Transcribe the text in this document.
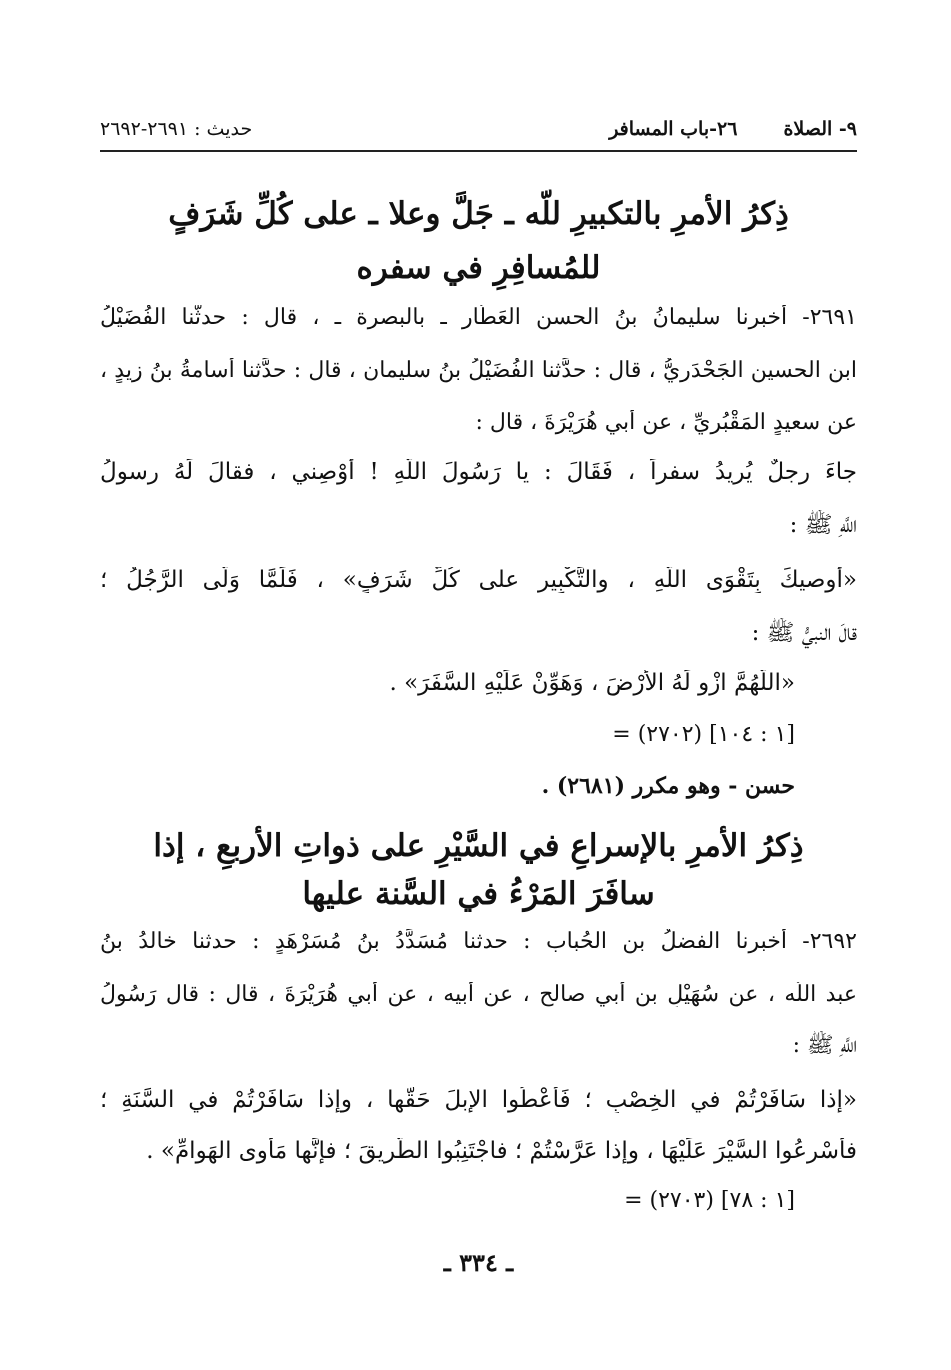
٩- الصلاة٢٦-باب المسافر
حديث : ٢٦٩١-٢٦٩٢
ذِكرُ الأمرِ بالتكبيرِ للّه ـ جَلَّ وعلا ـ على كُلِّ شَرَفٍ
للمُسافِرِ في سفره
٢٦٩١- أخبرنا سليمانُ بنُ الحسنِ العَطَّار ـ بالبصرة ـ ، قال : حدثَّنا الفُضَيْلُ
ابن الحسينِ الجَحْدَرِيُّ ، قال : حدَّثنا الفُضَيْلُ بنُ سليمان ، قال : حدَّثنا أُسامةُ بنُ زيدٍ ،
عن سعيدٍ المَقْبُرِيِّ ، عن أبي هُرَيْرَةَ ، قال :
جاءَ رجلٌ يُريدُ سفراً ، فَقَالَ : يا رَسُولَ اللَّهِ ! أَوْصِني ، فقالَ لَهُ رسولُ
اللَّهِ ﷺ :
«أُوصيكَ بِتَقْوَى اللَّهِ ، والتَّكْبِيرِ على كُلِّ شَرَفٍ» ، فَلَمَّا وَلَّى الرَّجُلُ ؛
قالَ النبيُّ ﷺ :
«اللَّهُمَّ ازْوِ لَهُ الأَرْضَ ، وَهَوِّنْ عَلَيْهِ السَّفَرَ» .
= (٢٧٠٢) [١ : ١٠٤]
حسن - وهو مكرر (٢٦٨١) .
ذِكرُ الأمرِ بالإسراعِ في السَّيْرِ على ذواتِ الأربعِ ، إذا
سافَرَ المَرْءُ في السَّنة عليها
٢٦٩٢- أخبرنا الفضلُ بن الحُباب : حدثنا مُسَدَّدُ بنُ مُسَرْهَدٍ : حدثنا خالدُ بنُ
عبد اللَّه ، عن سُهَيْلِ بنِ أبي صالحٍ ، عن أبيه ، عن أبي هُرَيْرَةَ ، قال : قال رَسُولُ
اللَّهِ ﷺ :
«إذا سَافَرْتُمْ في الخِصْبِ ؛ فَأَعْطُوا الإبلَ حَقَّها ، وإذا سَافَرْتُمْ في السَّنَةِ ؛
فأَسْرِعُوا السَّيْرَ عَلَيْهَا ، وإذا عَرَّسْتُمْ ؛ فاجْتَنِبُوا الطَّرِيقَ ؛ فإِنَّها مَأْوى الهَوامِّ» .
= (٢٧٠٣) [١ : ٧٨]
ـ ٣٣٤ ـ
